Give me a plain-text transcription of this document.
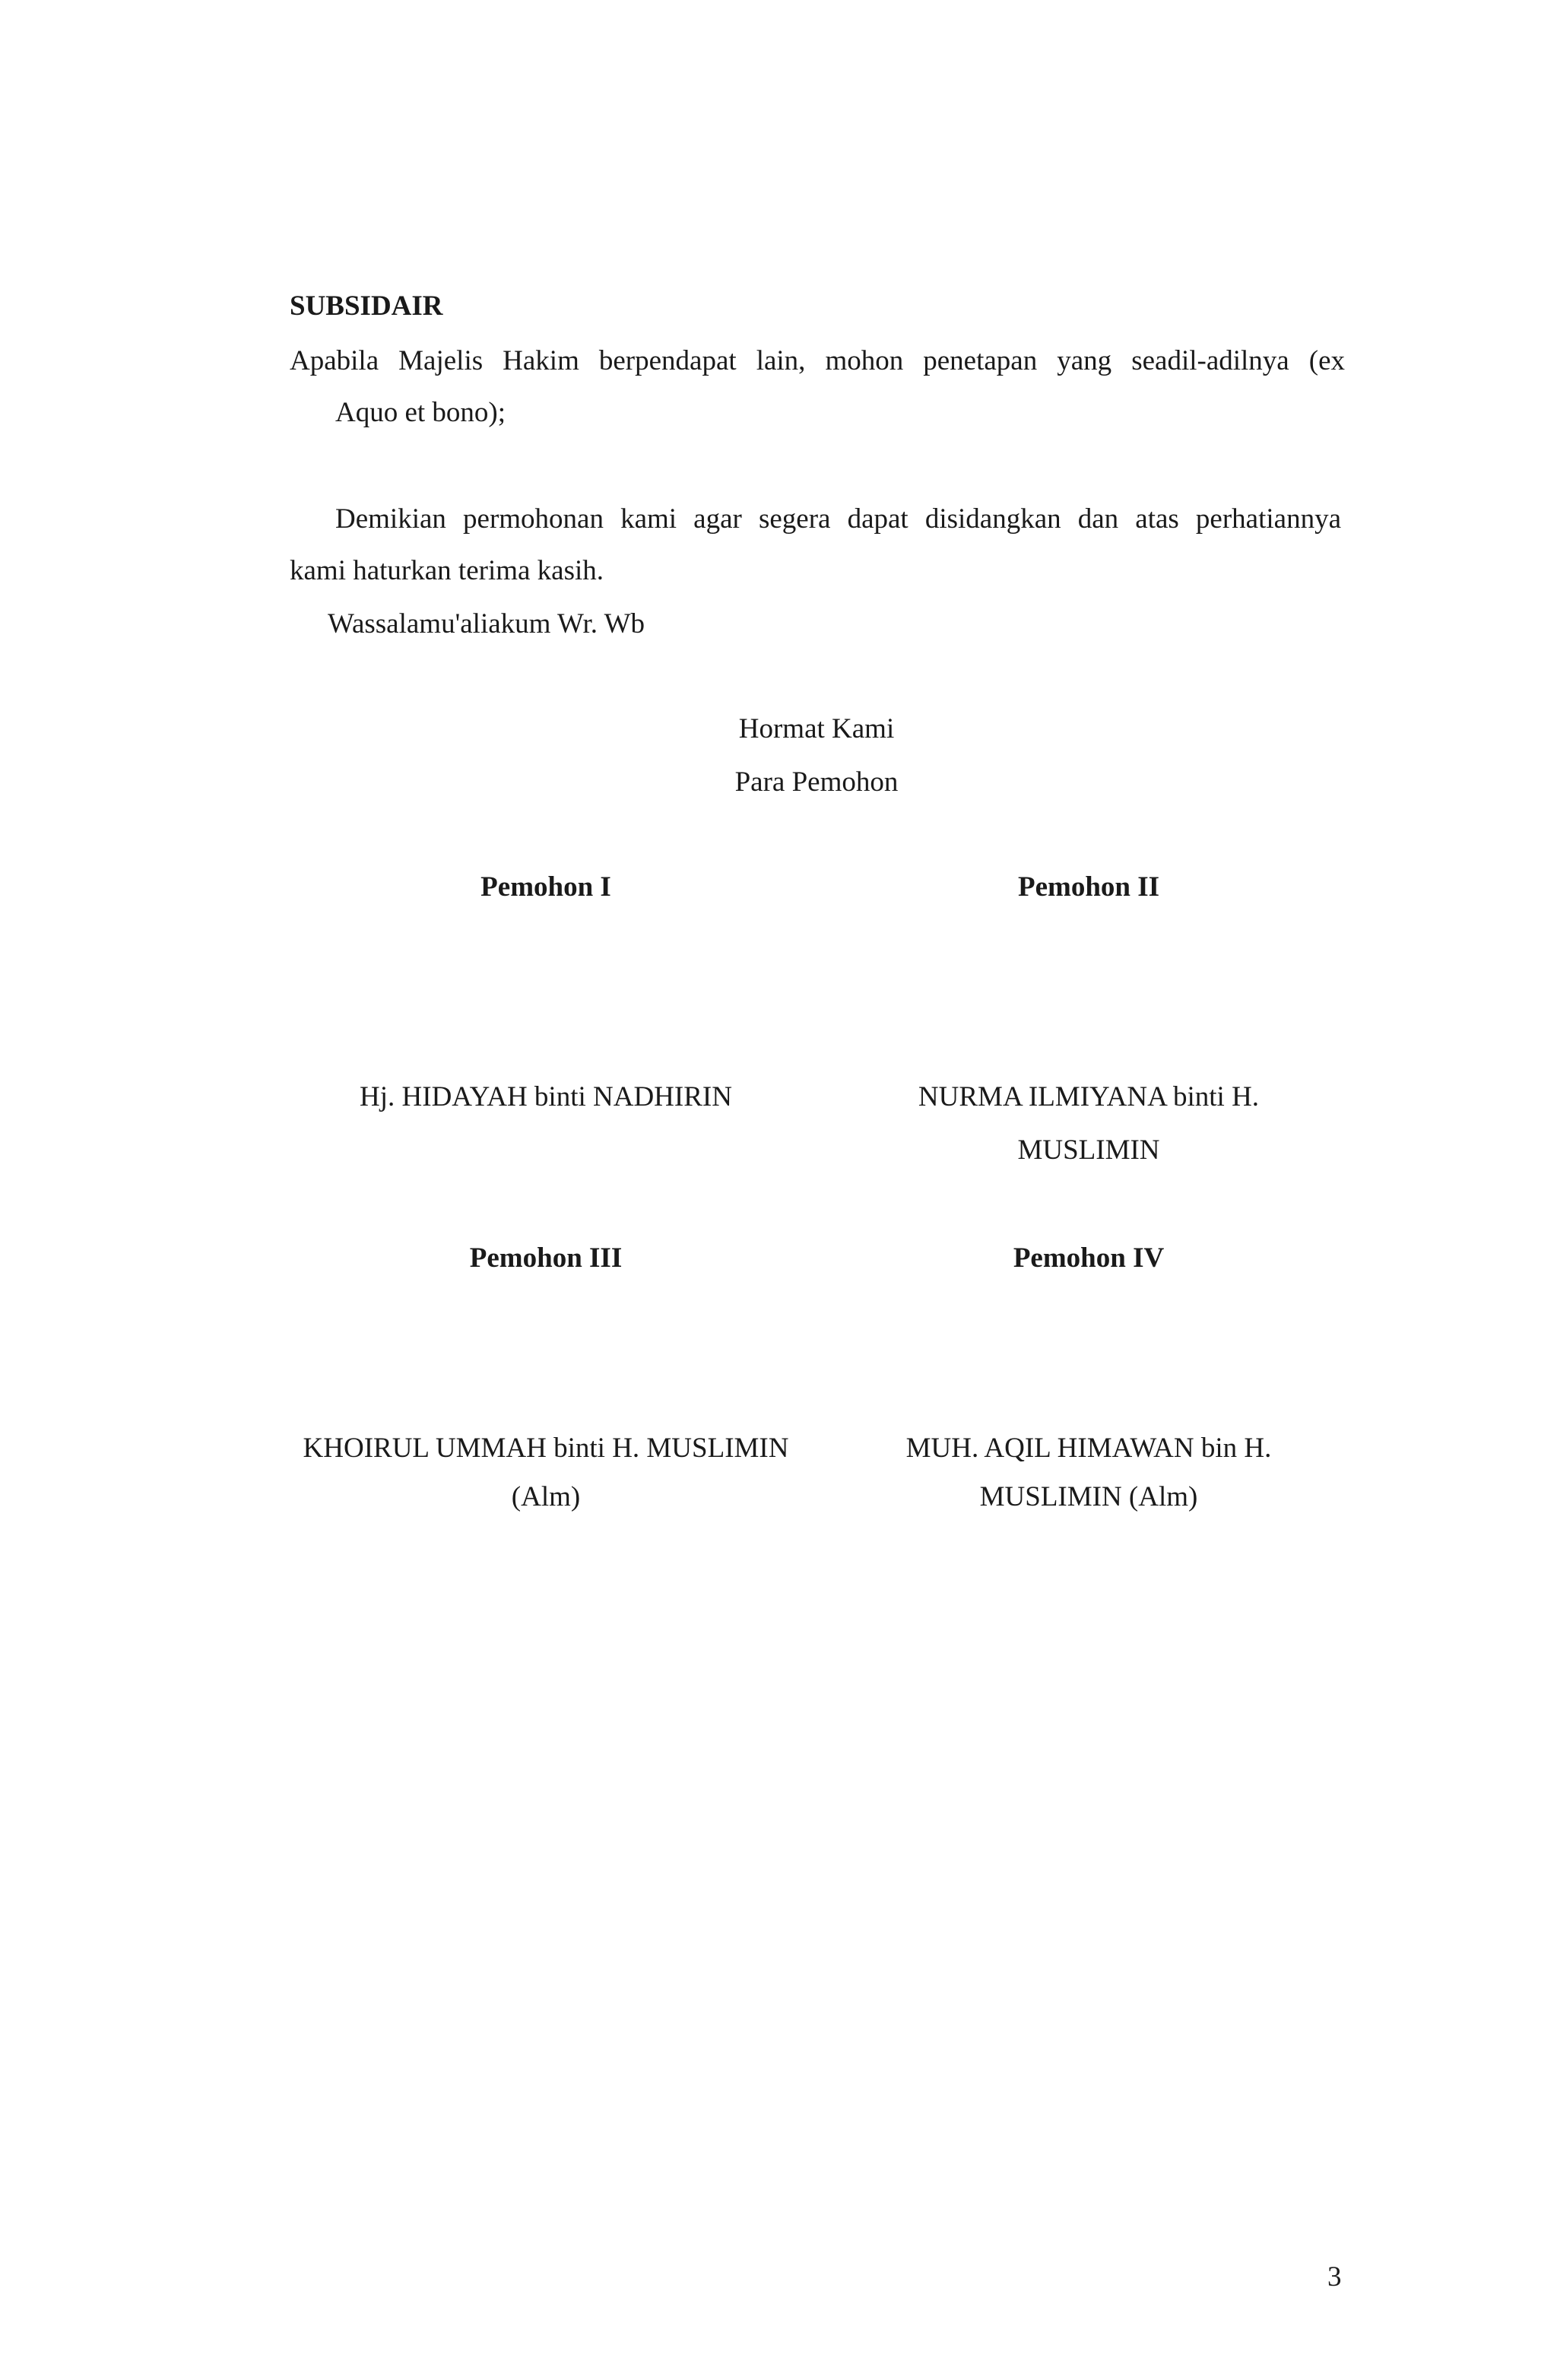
SUBSIDAIR
Apabila Majelis Hakim berpendapat lain, mohon penetapan yang seadil-adilnya (ex
Aquo et bono);
Demikian permohonan kami agar segera dapat disidangkan dan atas perhatiannya
kami haturkan terima kasih.
Wassalamu'aliakum Wr. Wb
Hormat Kami
Para Pemohon
Pemohon I
Hj. HIDAYAH binti NADHIRIN
Pemohon II
NURMA ILMIYANA binti H.
MUSLIMIN
Pemohon III
KHOIRUL UMMAH binti H. MUSLIMIN
(Alm)
Pemohon IV
MUH. AQIL HIMAWAN bin H.
MUSLIMIN (Alm)
3
